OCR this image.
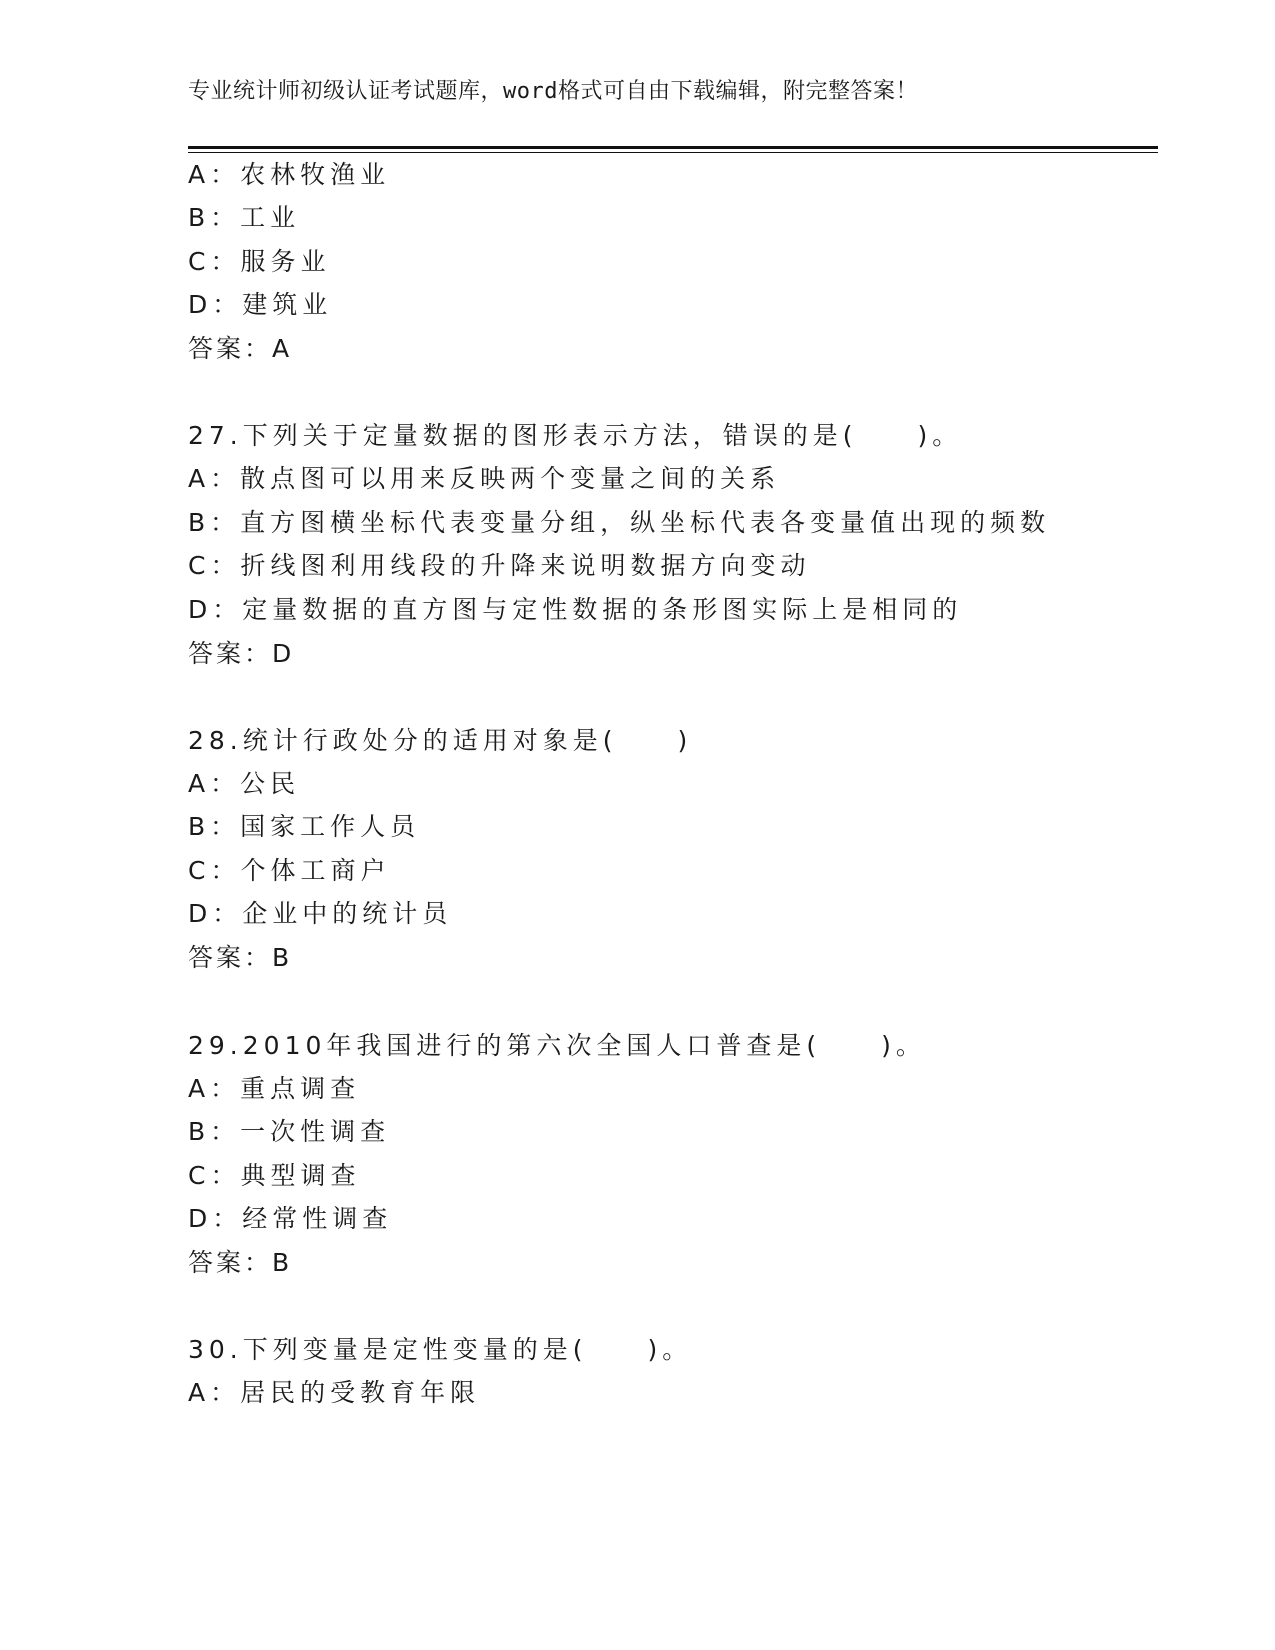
专业统计师初级认证考试题库，word格式可自由下载编辑，附完整答案！
A：农林牧渔业
B：工业
C：服务业
D：建筑业
答案：A
27.下列关于定量数据的图形表示方法，错误的是(　　)。
A：散点图可以用来反映两个变量之间的关系
B：直方图横坐标代表变量分组，纵坐标代表各变量值出现的频数
C：折线图利用线段的升降来说明数据方向变动
D：定量数据的直方图与定性数据的条形图实际上是相同的
答案：D
28.统计行政处分的适用对象是(　　)
A：公民
B：国家工作人员
C：个体工商户
D：企业中的统计员
答案：B
29.2010年我国进行的第六次全国人口普查是(　　)。
A：重点调查
B：一次性调查
C：典型调查
D：经常性调查
答案：B
30.下列变量是定性变量的是(　　)。
A：居民的受教育年限
